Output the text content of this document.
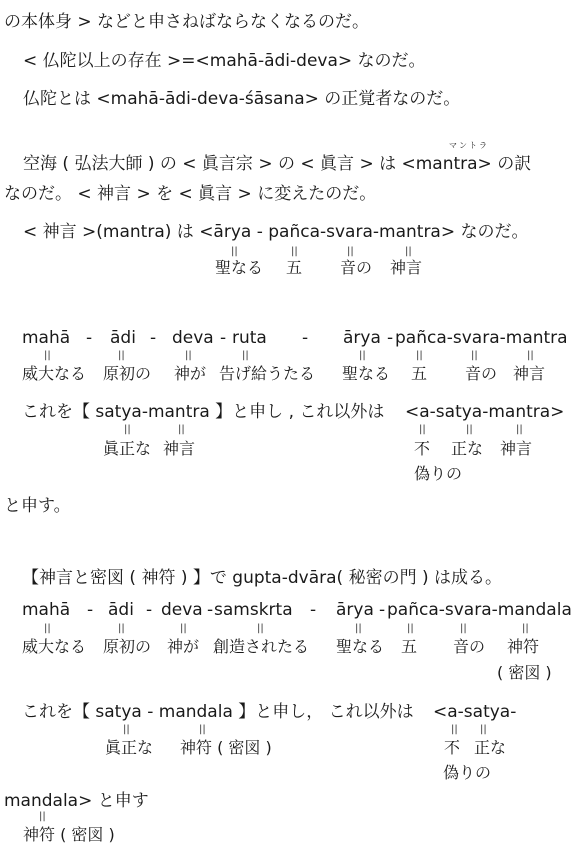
の本体身 > などと申さねばならなくなるのだ。
< 仏陀以上の存在 >=<mahā-ādi-deva> なのだ。
仏陀とは <mahā-ādi-deva-śāsana> の正覚者なのだ。
マントラ
空海 ( 弘法大師 ) の < 眞言宗 > の < 眞言 > は <mantra> の訳
なのだ。 < 神言 > を < 眞言 > に変えたのだ。
< 神言 >(mantra) は <ārya - pañca-svara-mantra> なのだ。
||	||	||	||
聖なる 五 音の 神言
mahā - ādi - deva - ruta - ārya - pañca-svara-mantra
||	||	||	||	||	||	||	||
威大なる 原初の 神が 告げ給うたる 聖なる 五 音の 神言
これを【 satya-mantra 】と申し , これ以外は <a-satya-mantra>
||	||	||	||	||
眞正な 神言	不 正な 神言
偽りの
と申す。
【神言と密図 ( 神符 ) 】で gupta-dvāra( 秘密の門 ) は成る。
mahā - ādi - deva - samskrta - ārya - pañca-svara-mandala
||	||	||	||	||	||	||	||
威大なる 原初の 神が 創造されたる 聖なる 五 音の 神符
( 密図 )
これを【 satya - mandala 】と申し， これ以外は <a-satya-
||	||	|| ||
眞正な 神符 ( 密図 )	不 正な
偽りの
mandala> と申す
||
神符 ( 密図 )
